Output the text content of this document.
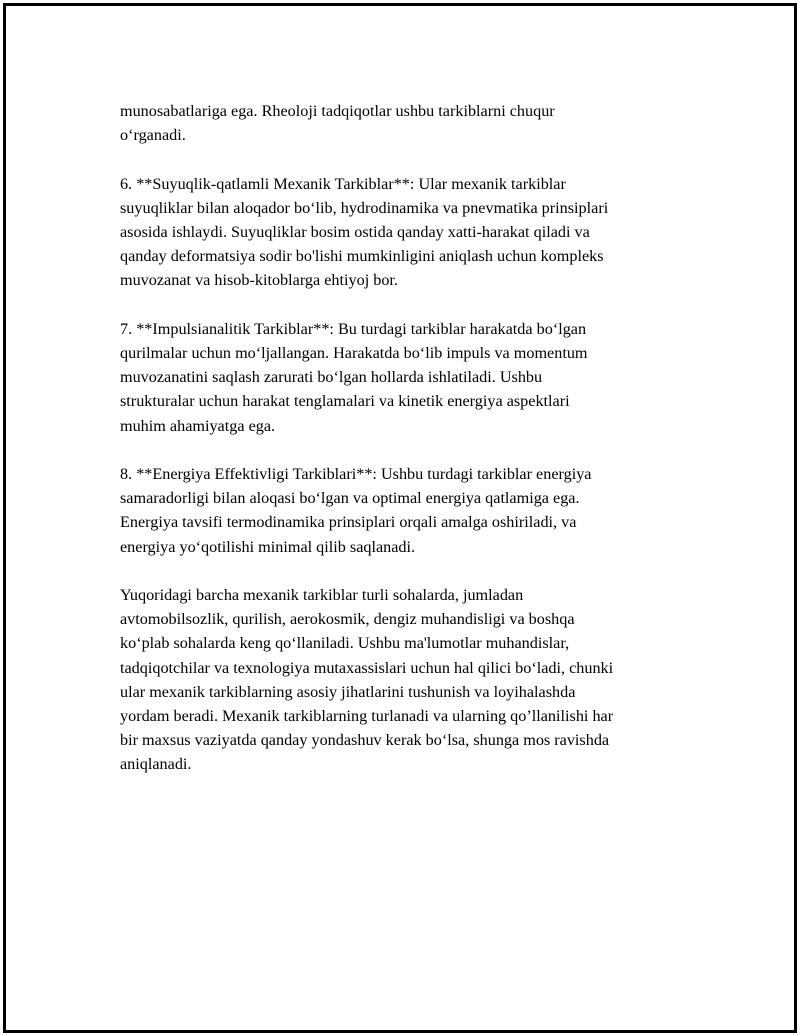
munosabatlariga ega. Rheoloji tadqiqotlar ushbu tarkiblarni chuqur
o‘rganadi.

6. **Suyuqlik-qatlamli Mexanik Tarkiblar**: Ular mexanik tarkiblar
suyuqliklar bilan aloqador bo‘lib, hydrodinamika va pnevmatika prinsiplari
asosida ishlaydi. Suyuqliklar bosim ostida qanday xatti-harakat qiladi va
qanday deformatsiya sodir bo'lishi mumkinligini aniqlash uchun kompleks
muvozanat va hisob-kitoblarga ehtiyoj bor.

7. **Impulsianalitik Tarkiblar**: Bu turdagi tarkiblar harakatda bo‘lgan
qurilmalar uchun mo‘ljallangan. Harakatda bo‘lib impuls va momentum
muvozanatini saqlash zarurati bo‘lgan hollarda ishlatiladi. Ushbu
strukturalar uchun harakat tenglamalari va kinetik energiya aspektlari
muhim ahamiyatga ega.

8. **Energiya Effektivligi Tarkiblari**: Ushbu turdagi tarkiblar energiya
samaradorligi bilan aloqasi bo‘lgan va optimal energiya qatlamiga ega.
Energiya tavsifi termodinamika prinsiplari orqali amalga oshiriladi, va
energiya yo‘qotilishi minimal qilib saqlanadi.

Yuqoridagi barcha mexanik tarkiblar turli sohalarda, jumladan
avtomobilsozlik, qurilish, aerokosmik, dengiz muhandisligi va boshqa
ko‘plab sohalarda keng qo‘llaniladi. Ushbu ma'lumotlar muhandislar,
tadqiqotchilar va texnologiya mutaxassislari uchun hal qilici bo‘ladi, chunki
ular mexanik tarkiblarning asosiy jihatlarini tushunish va loyihalashda
yordam beradi. Mexanik tarkiblarning turlanadi va ularning qo’llanilishi har
bir maxsus vaziyatda qanday yondashuv kerak bo‘lsa, shunga mos ravishda
aniqlanadi.
